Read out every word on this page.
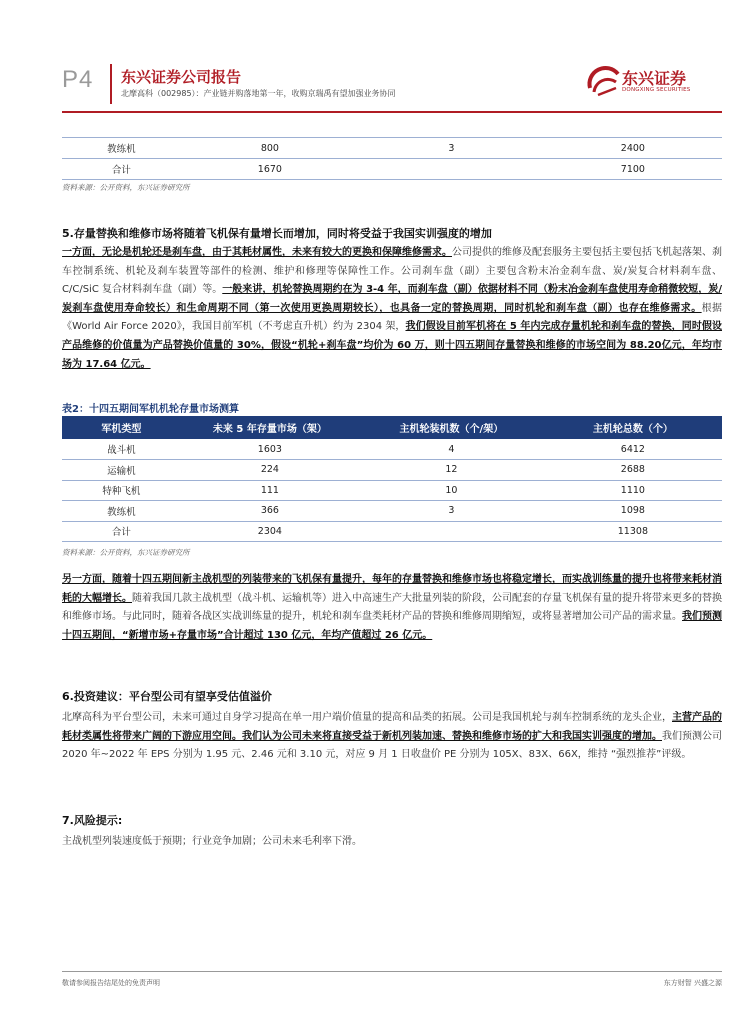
P4 东兴证券公司报告
北摩高科（002985）：产业链并购落地第一年，收购京瑞禹有望加强业务协同
东兴证券
DONGXING SECURITIES
教练机	800	3	2400
合计	1670		7100
资料来源：公开资料，东兴证券研究所
5.存量替换和维修市场将随着飞机保有量增长而增加，同时将受益于我国实训强度的增加
一方面，无论是机轮还是刹车盘，由于其耗材属性，未来有较大的更换和保障维修需求。公司提供的维修及配套服务主要包括主要包括飞机起落架、刹车控制系统、机轮及刹车装置等部件的检测、维护和修理等保障性工作。公司刹车盘（副）主要包含粉末冶金刹车盘、炭/炭复合材料刹车盘、C/C/SiC 复合材料刹车盘（副）等。一般来讲，机轮替换周期约在为 3-4 年，而刹车盘（副）依据材料不同（粉末冶金刹车盘使用寿命稍微较短，炭/炭刹车盘使用寿命较长）和生命周期不同（第一次使用更换周期较长），也具备一定的替换周期，同时机轮和刹车盘（副）也存在维修需求。根据《World Air Force 2020》，我国目前军机（不考虑直升机）约为 2304 架，我们假设目前军机将在 5 年内完成存量机轮和刹车盘的替换，同时假设产品维修的价值量为产品替换价值量的 30%，假设“机轮+刹车盘”均价为 60 万，则十四五期间存量替换和维修的市场空间为 88.20亿元，年均市场为 17.64 亿元。
表2：十四五期间军机机轮存量市场测算
军机类型	未来 5 年存量市场（架）	主机轮装机数（个/架）	主机轮总数（个）
战斗机	1603	4	6412
运输机	224	12	2688
特种飞机	111	10	1110
教练机	366	3	1098
合计	2304		11308
资料来源：公开资料，东兴证券研究所
另一方面，随着十四五期间新主战机型的列装带来的飞机保有量提升，每年的存量替换和维修市场也将稳定增长，而实战训练量的提升也将带来耗材消耗的大幅增长。随着我国几款主战机型（战斗机、运输机等）进入中高速生产大批量列装的阶段，公司配套的存量飞机保有量的提升将带来更多的替换和维修市场。与此同时，随着各战区实战训练量的提升，机轮和刹车盘类耗材产品的替换和维修周期缩短，或将显著增加公司产品的需求量。我们预测十四五期间，“新增市场+存量市场”合计超过 130 亿元，年均产值超过 26 亿元。
6.投资建议：平台型公司有望享受估值溢价
北摩高科为平台型公司，未来可通过自身学习提高在单一用户端价值量的提高和品类的拓展。公司是我国机轮与刹车控制系统的龙头企业，主营产品的耗材类属性将带来广阔的下游应用空间。我们认为公司未来将直接受益于新机列装加速、替换和维修市场的扩大和我国实训强度的增加。我们预测公司 2020 年~2022 年 EPS 分别为 1.95 元、2.46 元和 3.10 元，对应 9 月 1 日收盘价 PE 分别为 105X、83X、66X，维持 “强烈推荐”评级。
7.风险提示:
主战机型列装速度低于预期；行业竞争加剧；公司未来毛利率下滑。
敬请参阅报告结尾处的免责声明	东方财智 兴盛之源
